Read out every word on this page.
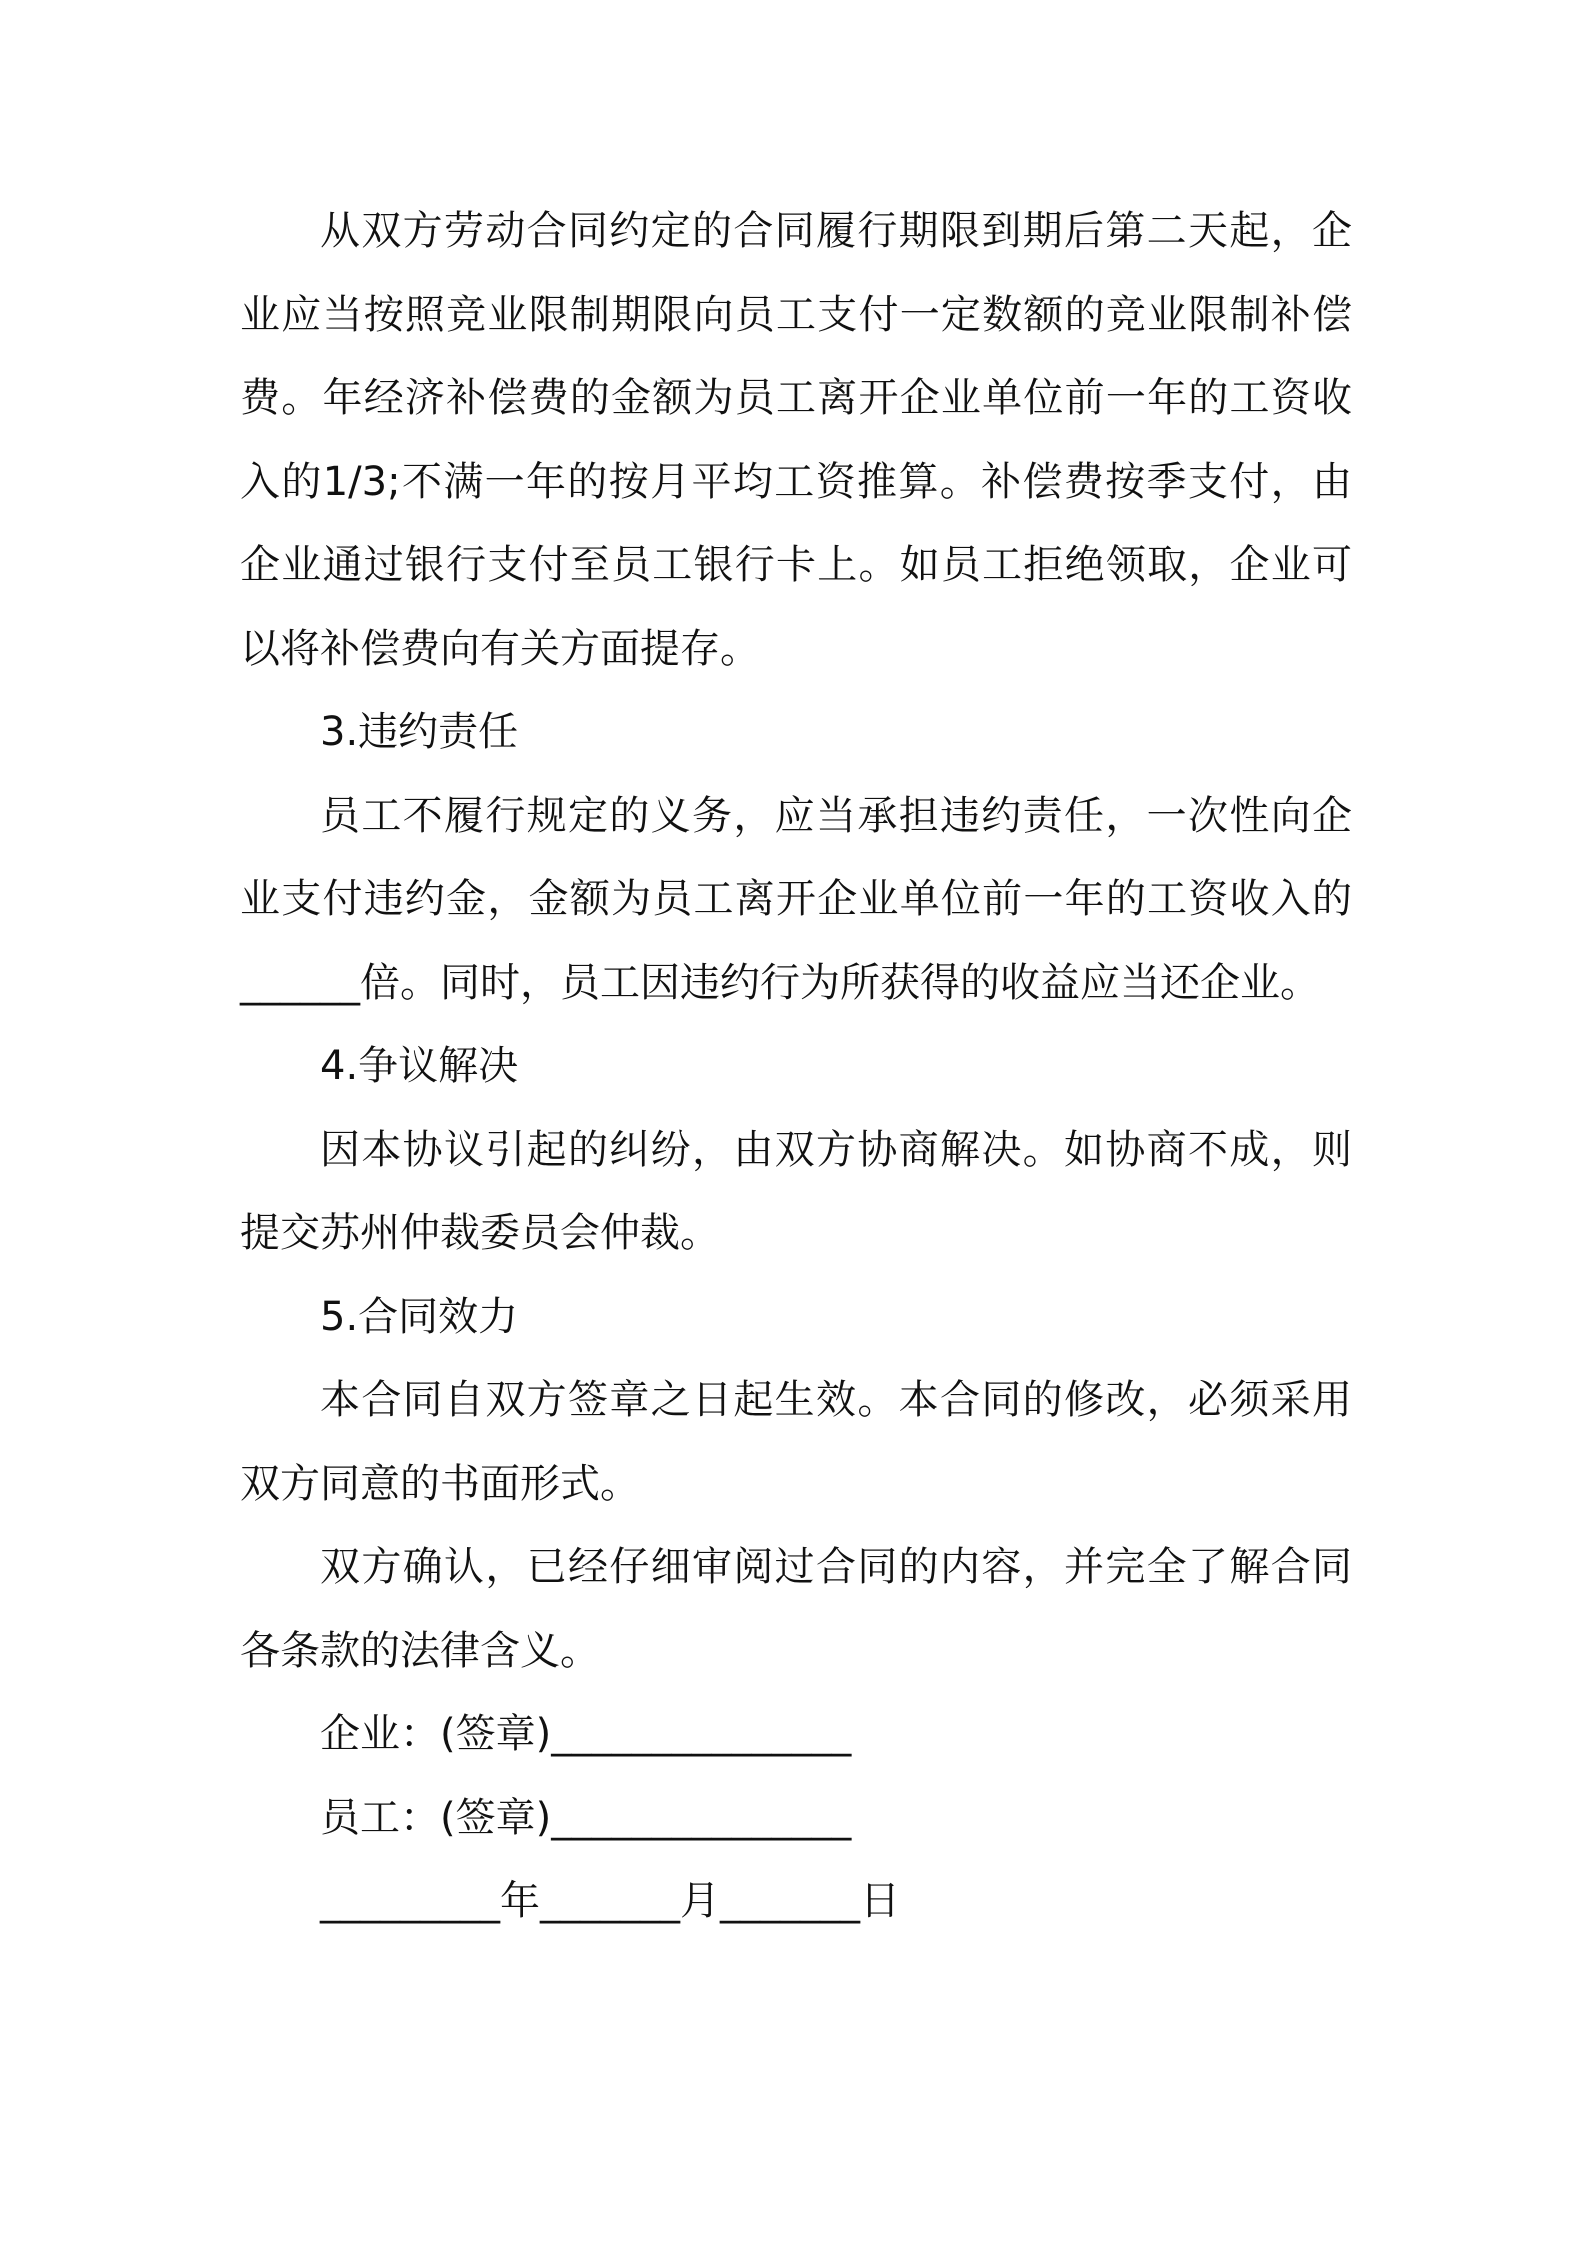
从双方劳动合同约定的合同履行期限到期后第二天起，企业应当按照竞业限制期限向员工支付一定数额的竞业限制补偿费。年经济补偿费的金额为员工离开企业单位前一年的工资收入的1/3;不满一年的按月平均工资推算。补偿费按季支付，由企业通过银行支付至员工银行卡上。如员工拒绝领取，企业可以将补偿费向有关方面提存。

3.违约责任

员工不履行规定的义务，应当承担违约责任，一次性向企业支付违约金，金额为员工离开企业单位前一年的工资收入的______倍。同时，员工因违约行为所获得的收益应当还企业。

4.争议解决

因本协议引起的纠纷，由双方协商解决。如协商不成，则提交苏州仲裁委员会仲裁。

5.合同效力

本合同自双方签章之日起生效。本合同的修改，必须采用双方同意的书面形式。

双方确认，已经仔细审阅过合同的内容，并完全了解合同各条款的法律含义。

企业：(签章)_______________

员工：(签章)_______________

_________年_______月_______日
